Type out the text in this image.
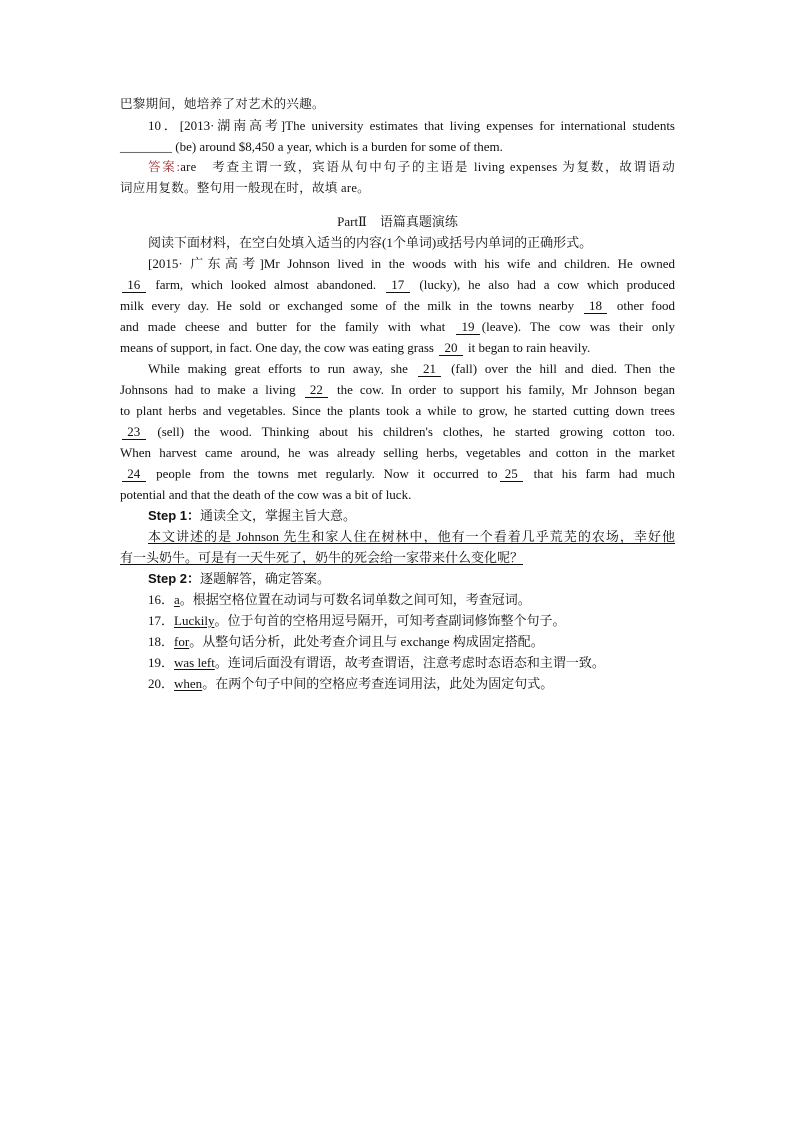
巴黎期间，她培养了对艺术的兴趣。
10．[2013·湖南高考]The university estimates that living expenses for international students
________ (be) around $8,450 a year, which is a burden for some of them.
答案:are　考查主谓一致，宾语从句中句子的主语是 living expenses 为复数，故谓语动
词应用复数。整句用一般现在时，故填 are。
PartⅡ　语篇真题演练
阅读下面材料，在空白处填入适当的内容(1个单词)或括号内单词的正确形式。
[2015· 广东高考]Mr Johnson lived in the woods with his wife and children. He owned
16  farm, which looked almost abandoned.  17  (lucky), he also had a cow which produced
milk every day. He sold or exchanged some of the milk in the towns nearby  18  other food
and made cheese and butter for the family with what  19 (leave). The cow was their only
means of support, in fact. One day, the cow was eating grass  20  it began to rain heavily.
While making great efforts to run away, she  21  (fall) over the hill and died. Then the
Johnsons had to make a living  22  the cow. In order to support his family, Mr Johnson began
to plant herbs and vegetables. Since the plants took a while to grow, he started cutting down trees
23  (sell) the wood. Thinking about his children's clothes, he started growing cotton too.
When harvest came around, he was already selling herbs, vegetables and cotton in the market
24  people from the towns met regularly. Now it occurred to 25  that his farm had much
potential and that the death of the cow was a bit of luck.
Step 1：通读全文，掌握主旨大意。
本文讲述的是 Johnson 先生和家人住在树林中，他有一个看着几乎荒芜的农场，幸好他
有一头奶牛。可是有一天牛死了，奶牛的死会给一家带来什么变化呢？
Step 2：逐题解答，确定答案。
16．a。根据空格位置在动词与可数名词单数之间可知，考查冠词。
17．Luckily。位于句首的空格用逗号隔开，可知考查副词修饰整个句子。
18．for。从整句话分析，此处考查介词且与 exchange 构成固定搭配。
19．was left。连词后面没有谓语，故考查谓语，注意考虑时态语态和主谓一致。
20．when。在两个句子中间的空格应考查连词用法，此处为固定句式。
